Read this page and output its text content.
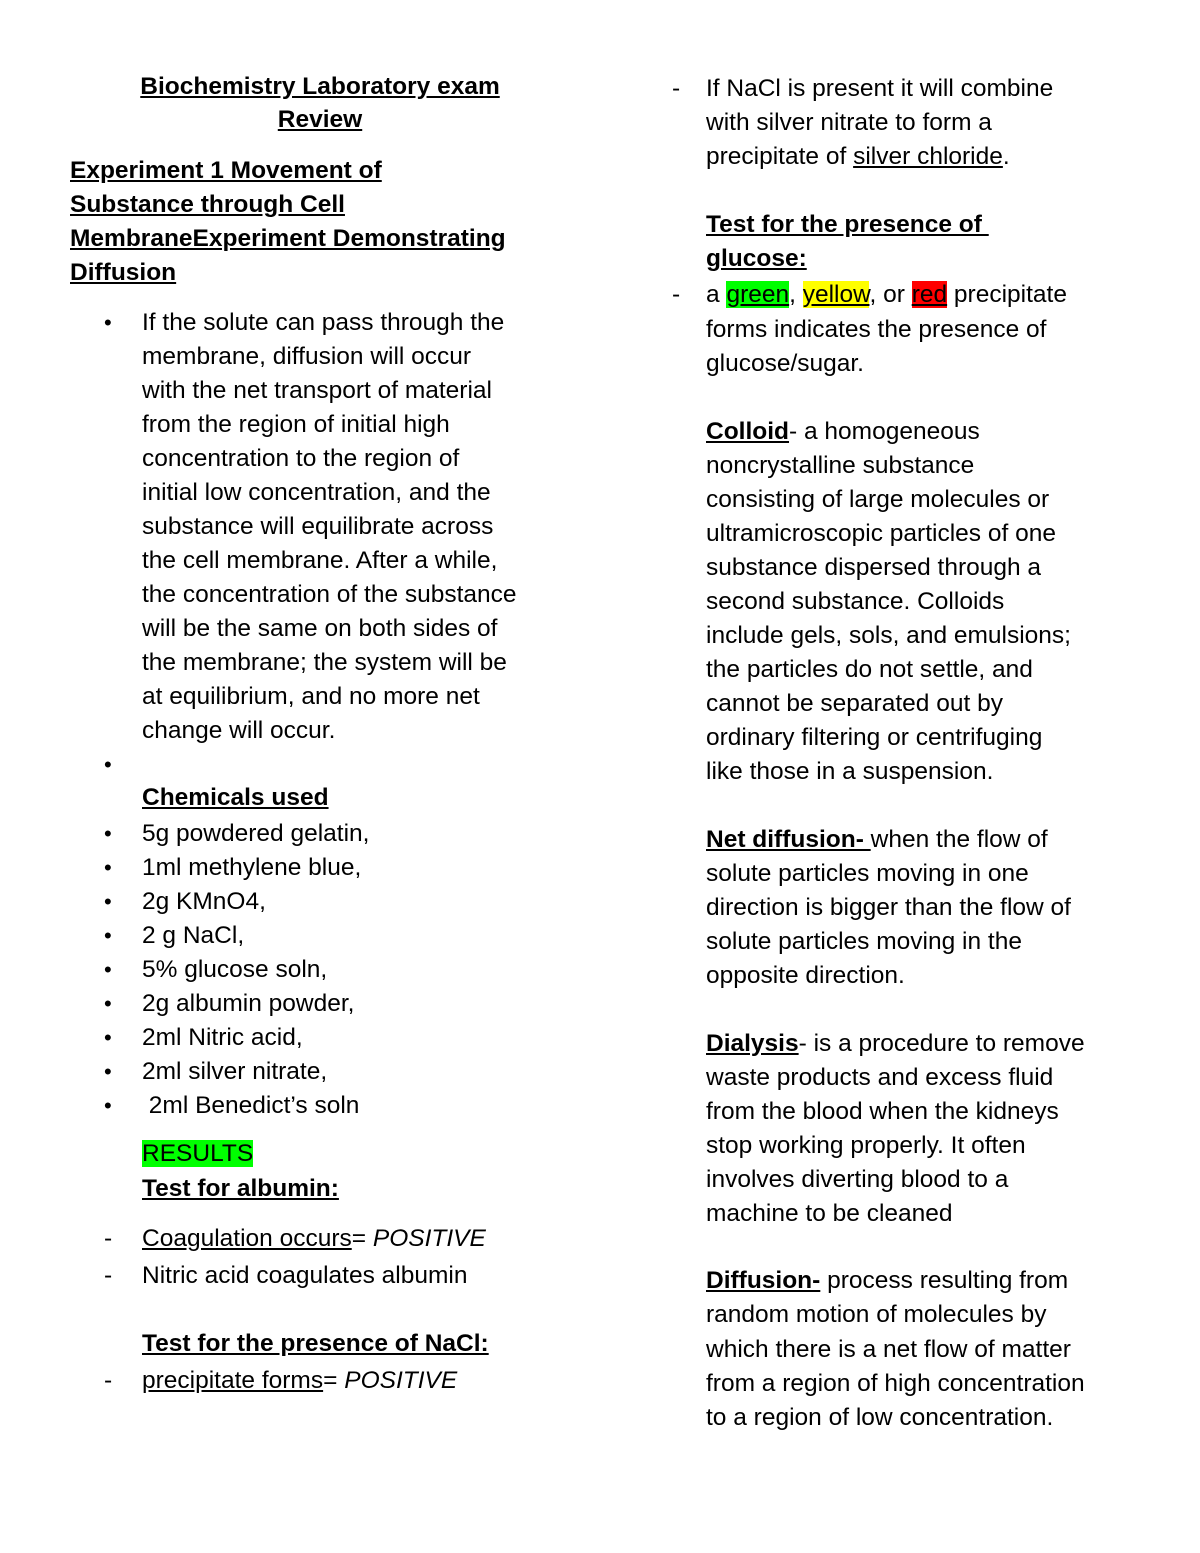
Biochemistry Laboratory exam
Review
Experiment 1 Movement of
Substance through Cell
MembraneExperiment Demonstrating
Diffusion
• If the solute can pass through the
membrane, diffusion will occur
with the net transport of material
from the region of initial high
concentration to the region of
initial low concentration, and the
substance will equilibrate across
the cell membrane. After a while,
the concentration of the substance
will be the same on both sides of
the membrane; the system will be
at equilibrium, and no more net
change will occur.
•
Chemicals used
• 5g powdered gelatin,
• 1ml methylene blue,
• 2g KMnO4,
• 2 g NaCl,
• 5% glucose soln,
• 2g albumin powder,
• 2ml Nitric acid,
• 2ml silver nitrate,
• 2ml Benedict’s soln
RESULTS
Test for albumin:
- Coagulation occurs= POSITIVE
- Nitric acid coagulates albumin
Test for the presence of NaCl:
- precipitate forms= POSITIVE
- If NaCl is present it will combine
with silver nitrate to form a
precipitate of silver chloride.
Test for the presence of
glucose:
- a green, yellow, or red precipitate
forms indicates the presence of
glucose/sugar.
Colloid- a homogeneous
noncrystalline substance
consisting of large molecules or
ultramicroscopic particles of one
substance dispersed through a
second substance. Colloids
include gels, sols, and emulsions;
the particles do not settle, and
cannot be separated out by
ordinary filtering or centrifuging
like those in a suspension.
Net diffusion- when the flow of
solute particles moving in one
direction is bigger than the flow of
solute particles moving in the
opposite direction.
Dialysis- is a procedure to remove
waste products and excess fluid
from the blood when the kidneys
stop working properly. It often
involves diverting blood to a
machine to be cleaned
Diffusion- process resulting from
random motion of molecules by
which there is a net flow of matter
from a region of high concentration
to a region of low concentration.
